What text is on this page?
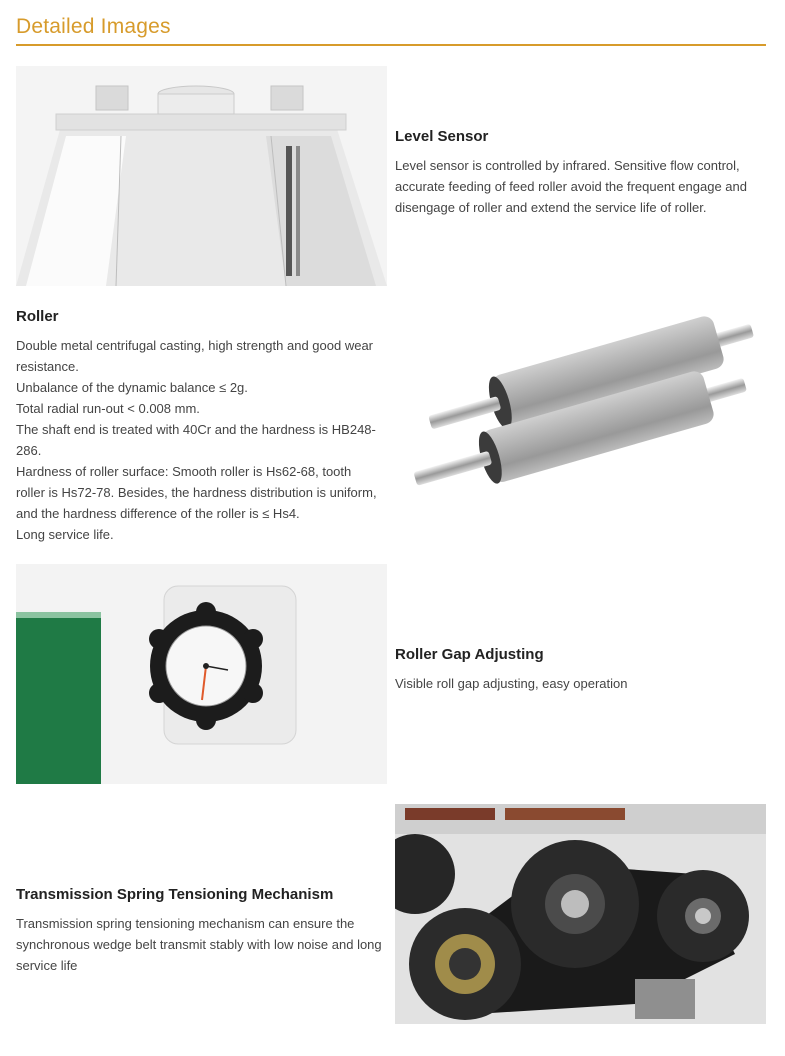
Detailed Images
Level Sensor

Level sensor is controlled by infrared. Sensitive flow control, accurate feeding of feed roller avoid the frequent engage and disengage of roller and extend the service life of roller.

Roller

Double metal centrifugal casting, high strength and good wear resistance.

Unbalance of the dynamic balance ≤ 2g.

Total radial run-out < 0.008 mm.

The shaft end is treated with 40Cr and the hardness is HB248-286.

Hardness of roller surface: Smooth roller is Hs62-68, tooth roller is Hs72-78. Besides, the hardness distribution is uniform, and the hardness difference of the roller is ≤ Hs4.

Long service life.

Roller Gap Adjusting

Visible roll gap adjusting, easy operation

Transmission Spring Tensioning Mechanism

Transmission spring tensioning mechanism can ensure the synchronous wedge belt transmit stably with low noise and long service life
